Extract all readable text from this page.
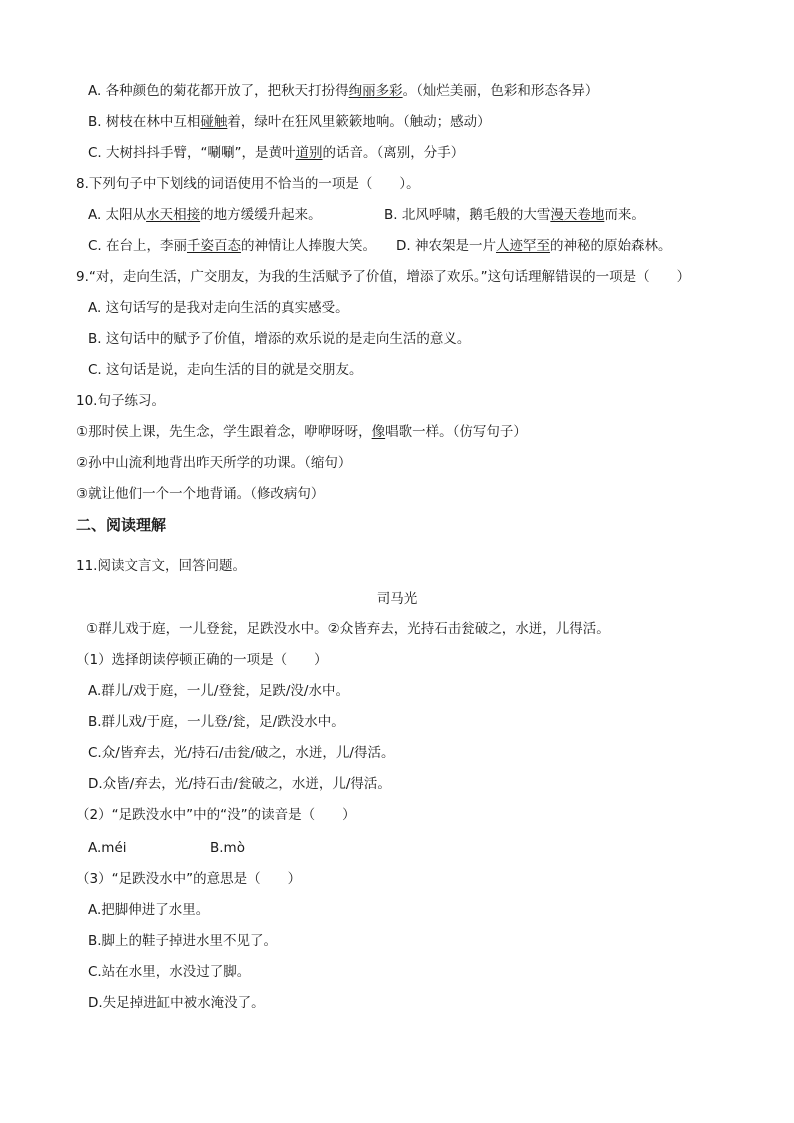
A. 各种颜色的菊花都开放了，把秋天打扮得绚丽多彩。（灿烂美丽，色彩和形态各异）
B. 树枝在林中互相碰触着，绿叶在狂风里簌簌地响。（触动；感动）
C. 大树抖抖手臂，“唰唰”，是黄叶道别的话音。（离别，分手）
8.下列句子中下划线的词语使用不恰当的一项是（　　）。
A. 太阳从水天相接的地方缓缓升起来。	B. 北风呼啸，鹅毛般的大雪漫天卷地而来。
C. 在台上，李丽千姿百态的神情让人捧腹大笑。 D. 神农架是一片人迹罕至的神秘的原始森林。
9.“对，走向生活，广交朋友，为我的生活赋予了价值，增添了欢乐。”这句话理解错误的一项是（　　）
A. 这句话写的是我对走向生活的真实感受。
B. 这句话中的赋予了价值，增添的欢乐说的是走向生活的意义。
C. 这句话是说，走向生活的目的就是交朋友。
10.句子练习。
①那时侯上课，先生念，学生跟着念，咿咿呀呀，像唱歌一样。（仿写句子）
②孙中山流利地背出昨天所学的功课。（缩句）
③就让他们一个一个地背诵。（修改病句）
二、阅读理解
11.阅读文言文，回答问题。
司马光
①群儿戏于庭，一儿登瓮，足跌没水中。②众皆弃去，光持石击瓮破之，水迸，儿得活。
（1）选择朗读停顿正确的一项是（　　）
A.群儿/戏于庭，一儿/登瓮，足跌/没/水中。
B.群儿戏/于庭，一儿登/瓮，足/跌没水中。
C.众/皆弃去，光/持石/击瓮/破之，水迸，儿/得活。
D.众皆/弃去，光/持石击/瓮破之，水迸，儿/得活。
（2）“足跌没水中”中的“没”的读音是（　　）
A.méi	B.mò
（3）“足跌没水中”的意思是（　　）
A.把脚伸进了水里。
B.脚上的鞋子掉进水里不见了。
C.站在水里，水没过了脚。
D.失足掉进缸中被水淹没了。
